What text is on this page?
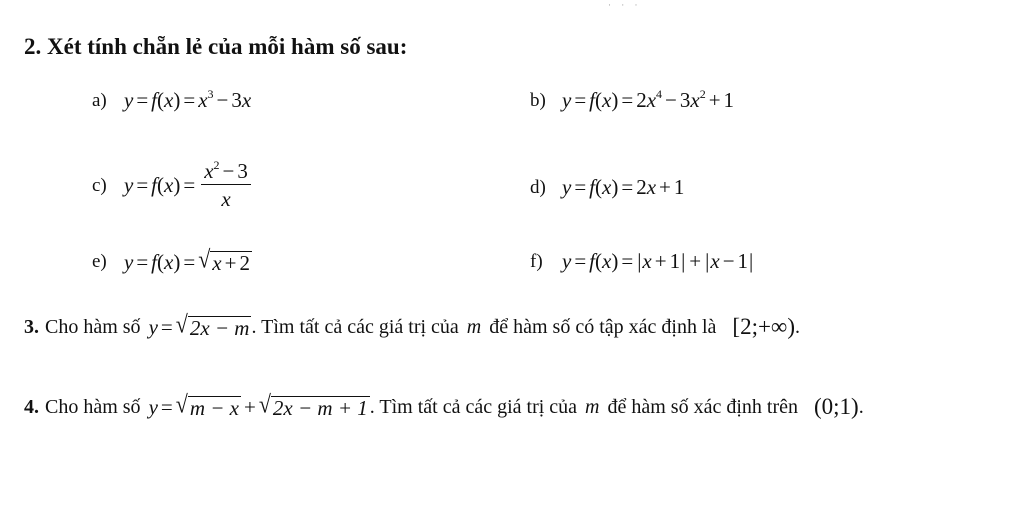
· · ·
2. Xét tính chẵn lẻ của mỗi hàm số sau:
a) $y = f(x) = x^3 - 3x$	b) $y = f(x) = 2x^4 - 3x^2 + 1$
c) y = f ( x ) = $\frac{x^2 - 3}{x}$	d) y = f(x) = 2x + 1
e) y = f ( x ) = √ x + 2	f) y = f(x) = |x + 1| + |x − 1|
3. Cho hàm số y = √ 2x − m . Tìm tất cả các giá trị của m để hàm số có tập xác định là [2;+∞) .
4. Cho hàm số y = √ m − x + √ 2x − m + 1 . Tìm tất cả các giá trị của m để hàm số xác định trên (0;1) .
